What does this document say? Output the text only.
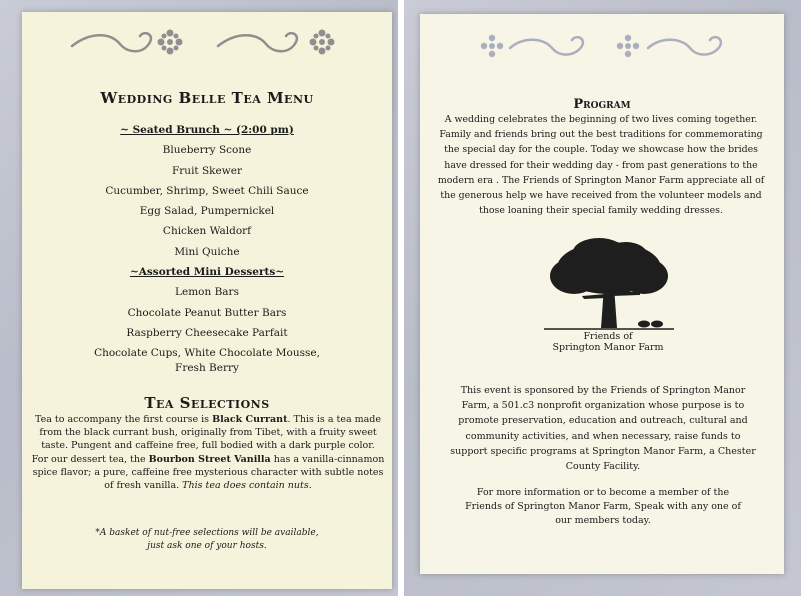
Wedding Belle Tea Menu
~ Seated Brunch ~ (2:00 pm)
Blueberry Scone
Fruit Skewer
Cucumber, Shrimp, Sweet Chili Sauce
Egg Salad, Pumpernickel
Chicken Waldorf
Mini Quiche
~Assorted Mini Desserts~
Lemon Bars
Chocolate Peanut Butter Bars
Raspberry Cheesecake Parfait
Chocolate Cups, White Chocolate Mousse,
Fresh Berry
Tea Selections

Tea to accompany the first course is Black Currant. This is a tea made from the black currant bush, originally from Tibet, with a fruity sweet taste. Pungent and caffeine free, full bodied with a dark purple color.

For our dessert tea, the Bourbon Street Vanilla has a vanilla-cinnamon spice flavor; a pure, caffeine free mysterious character with subtle notes of fresh vanilla. This tea does contain nuts.

*A basket of nut-free selections will be available,
just ask one of your hosts.
Program
A wedding celebrates the beginning of two lives coming together. Family and friends bring out the best traditions for commemorating the special day for the couple. Today we showcase how the brides have dressed for their wedding day - from past generations to the modern era . The Friends of Springton Manor Farm appreciate all of the generous help we have received from the volunteer models and those loaning their special family wedding dresses.
Friends of
Springton Manor Farm
This event is sponsored by the Friends of Springton Manor Farm, a 501.c3 nonprofit organization whose purpose is to promote preservation, education and outreach, cultural and community activities, and when necessary, raise funds to support specific programs at Springton Manor Farm, a Chester County Facility.
For more information or to become a member of the Friends of Springton Manor Farm, Speak with any one of our members today.
